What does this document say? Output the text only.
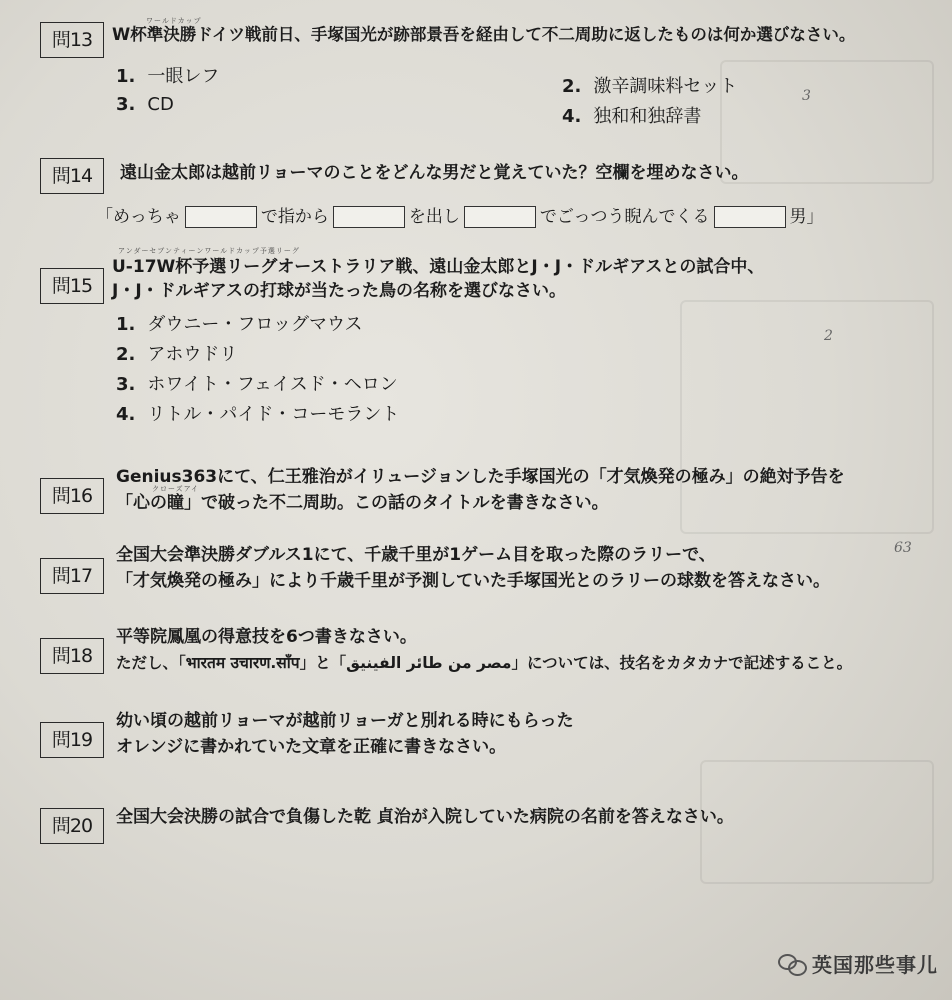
問13
ワールドカップ
W杯準決勝ドイツ戦前日、手塚国光が跡部景吾を経由して不二周助に返したものは何か選びなさい。
1. 一眼レフ	2. 激辛調味料セット
3. CD
4. 独和和独辞書
3
問14	遠山金太郎は越前リョーマのことをどんな男だと覚えていた？空欄を埋めなさい。
「めっちゃ	で指から	を出し	でごっつう睨んでくる	男」
問15
アンダーセブンティーンワールドカップ予選リーグ
U-17W杯予選リーグオーストラリア戦、遠山金太郎とJ・J・ドルギアスとの試合中、
J・J・ドルギアスの打球が当たった鳥の名称を選びなさい。
1. ダウニー・フロッグマウス
2. アホウドリ
3. ホワイト・フェイスド・ヘロン
4. リトル・パイド・コーモラント
2
問16
Genius363にて、仁王雅治がイリュージョンした手塚国光の「才気煥発の極み」の絶対予告を
クローズアイ
「心の瞳」で破った不二周助。この話のタイトルを書きなさい。
問17
全国大会準決勝ダブルス1にて、千歳千里が1ゲーム目を取った際のラリーで、
「才気煥発の極み」により千歳千里が予測していた手塚国光とのラリーの球数を答えなさい。
63
問18
平等院鳳凰の得意技を6つ書きなさい。
ただし、「भारतम उचारण.साँप」と「مصر من طائر الفينيق」については、技名をカタカナで記述すること。
問19
幼い頃の越前リョーマが越前リョーガと別れる時にもらった
オレンジに書かれていた文章を正確に書きなさい。
問20	全国大会決勝の試合で負傷した乾 貞治が入院していた病院の名前を答えなさい。
英国那些事儿
